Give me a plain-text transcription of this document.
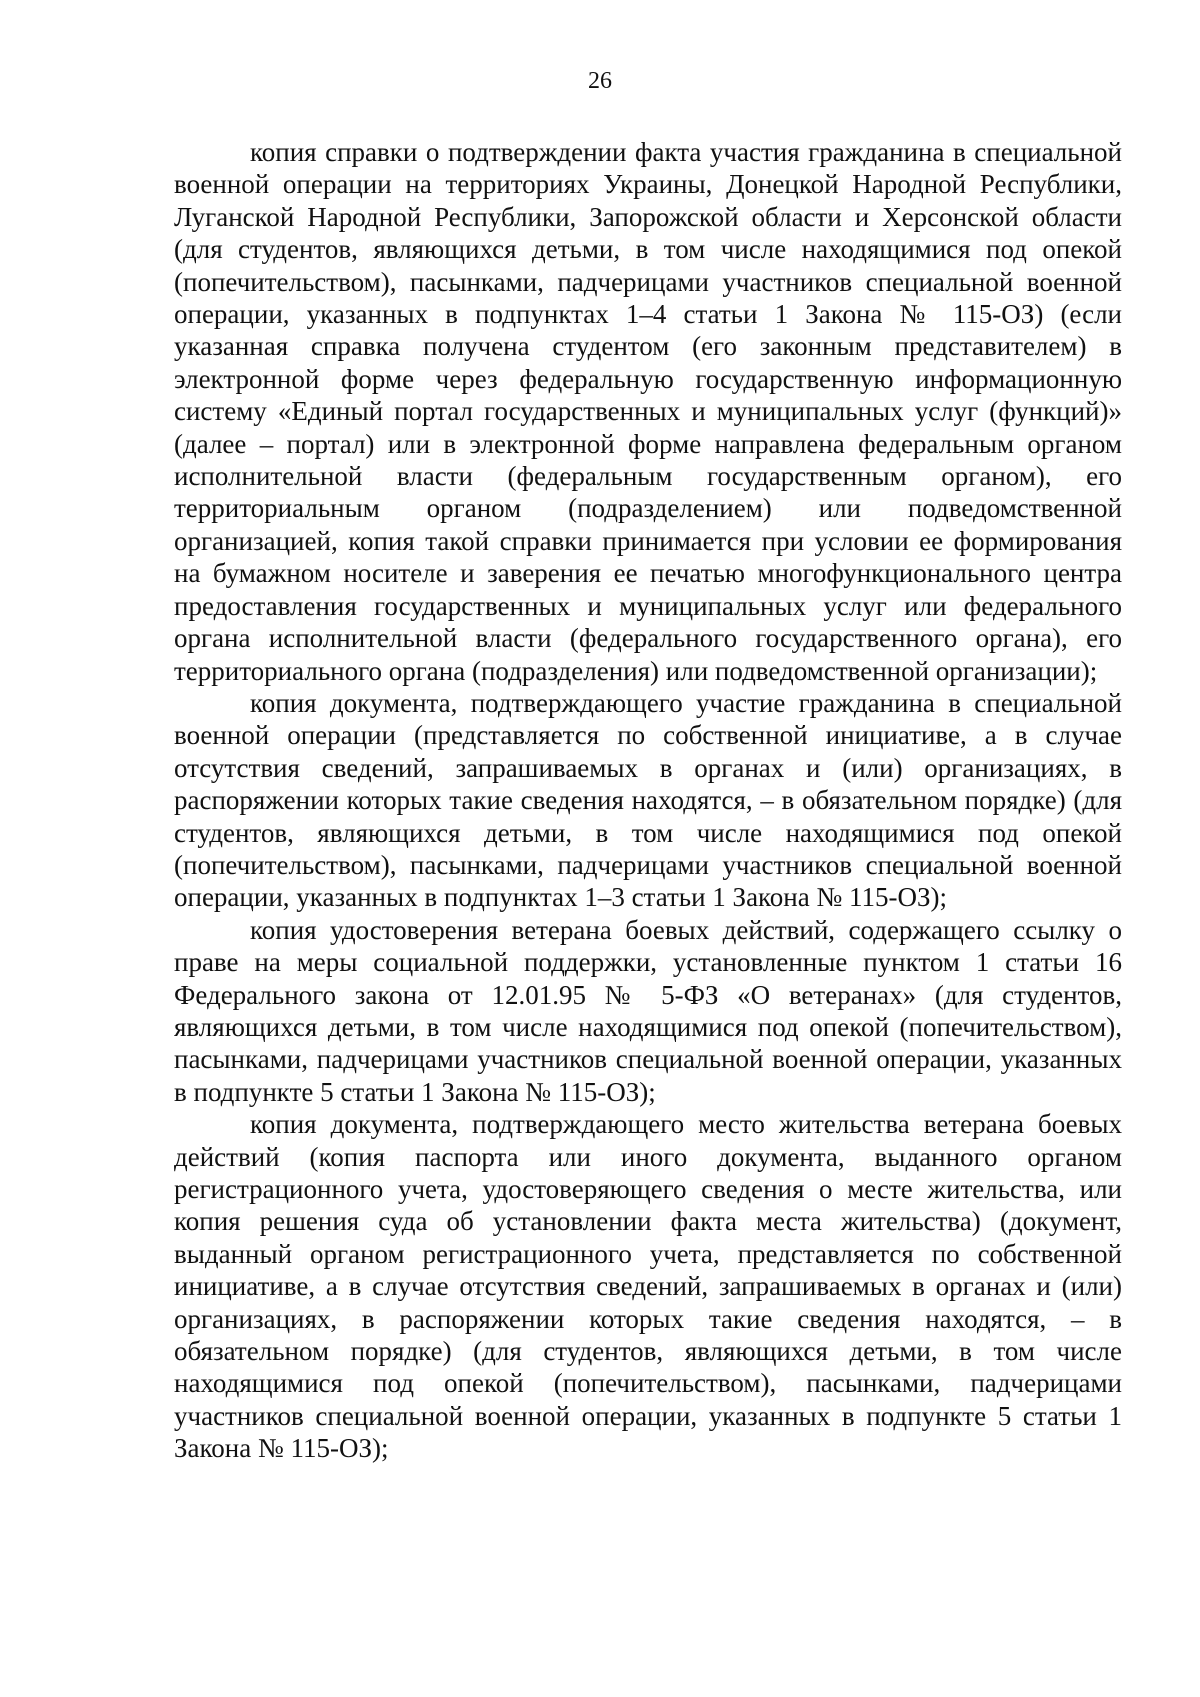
26

копия справки о подтверждении факта участия гражданина в специальной военной операции на территориях Украины, Донецкой Народной Республики, Луганской Народной Республики, Запорожской области и Херсонской области (для студентов, являющихся детьми, в том числе находящимися под опекой (попечительством), пасынками, падчерицами участников специальной военной операции, указанных в подпунктах 1–4 статьи 1 Закона № 115-ОЗ) (если указанная справка получена студентом (его законным представителем) в электронной форме через федеральную государственную информационную систему «Единый портал государственных и муниципальных услуг (функций)» (далее – портал) или в электронной форме направлена федеральным органом исполнительной власти (федеральным государственным органом), его территориальным органом (подразделением) или подведомственной организацией, копия такой справки принимается при условии ее формирования на бумажном носителе и заверения ее печатью многофункционального центра предоставления государственных и муниципальных услуг или федерального органа исполнительной власти (федерального государственного органа), его территориального органа (подразделения) или подведомственной организации);

копия документа, подтверждающего участие гражданина в специальной военной операции (представляется по собственной инициативе, а в случае отсутствия сведений, запрашиваемых в органах и (или) организациях, в распоряжении которых такие сведения находятся, – в обязательном порядке) (для студентов, являющихся детьми, в том числе находящимися под опекой (попечительством), пасынками, падчерицами участников специальной военной операции, указанных в подпунктах 1–3 статьи 1 Закона № 115-ОЗ);

копия удостоверения ветерана боевых действий, содержащего ссылку о праве на меры социальной поддержки, установленные пунктом 1 статьи 16 Федерального закона от 12.01.95 № 5-ФЗ «О ветеранах» (для студентов, являющихся детьми, в том числе находящимися под опекой (попечительством), пасынками, падчерицами участников специальной военной операции, указанных в подпункте 5 статьи 1 Закона № 115-ОЗ);

копия документа, подтверждающего место жительства ветерана боевых действий (копия паспорта или иного документа, выданного органом регистрационного учета, удостоверяющего сведения о месте жительства, или копия решения суда об установлении факта места жительства) (документ, выданный органом регистрационного учета, представляется по собственной инициативе, а в случае отсутствия сведений, запрашиваемых в органах и (или) организациях, в распоряжении которых такие сведения находятся, – в обязательном порядке) (для студентов, являющихся детьми, в том числе находящимися под опекой (попечительством), пасынками, падчерицами участников специальной военной операции, указанных в подпункте 5 статьи 1 Закона № 115-ОЗ);
